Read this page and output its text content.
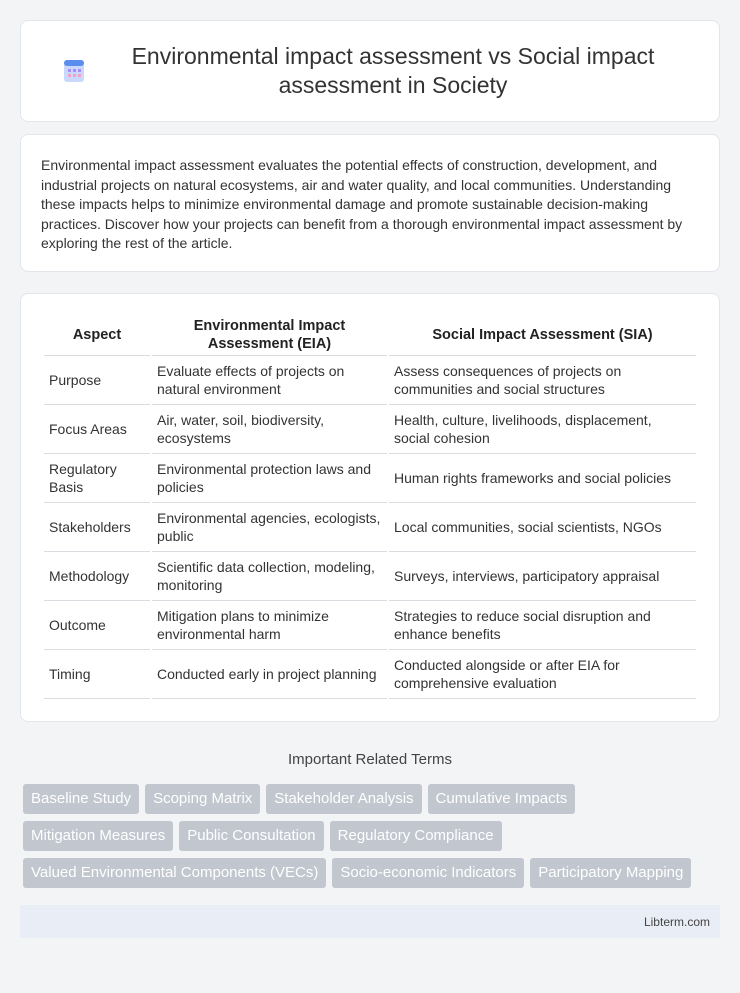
Environmental impact assessment vs Social impact assessment in Society

Environmental impact assessment evaluates the potential effects of construction, development, and industrial projects on natural ecosystems, air and water quality, and local communities. Understanding these impacts helps to minimize environmental damage and promote sustainable decision-making practices. Discover how your projects can benefit from a thorough environmental impact assessment by exploring the rest of the article.

Aspect	Environmental Impact Assessment (EIA)	Social Impact Assessment (SIA)
Purpose	Evaluate effects of projects on natural environment	Assess consequences of projects on communities and social structures
Focus Areas	Air, water, soil, biodiversity, ecosystems	Health, culture, livelihoods, displacement, social cohesion
Regulatory Basis	Environmental protection laws and policies	Human rights frameworks and social policies
Stakeholders	Environmental agencies, ecologists, public	Local communities, social scientists, NGOs
Methodology	Scientific data collection, modeling, monitoring	Surveys, interviews, participatory appraisal
Outcome	Mitigation plans to minimize environmental harm	Strategies to reduce social disruption and enhance benefits
Timing	Conducted early in project planning	Conducted alongside or after EIA for comprehensive evaluation
Important Related Terms
Baseline Study	Scoping Matrix	Stakeholder Analysis	Cumulative Impacts
Mitigation Measures	Public Consultation	Regulatory Compliance
Valued Environmental Components (VECs)	Socio-economic Indicators	Participatory Mapping
Libterm.com
